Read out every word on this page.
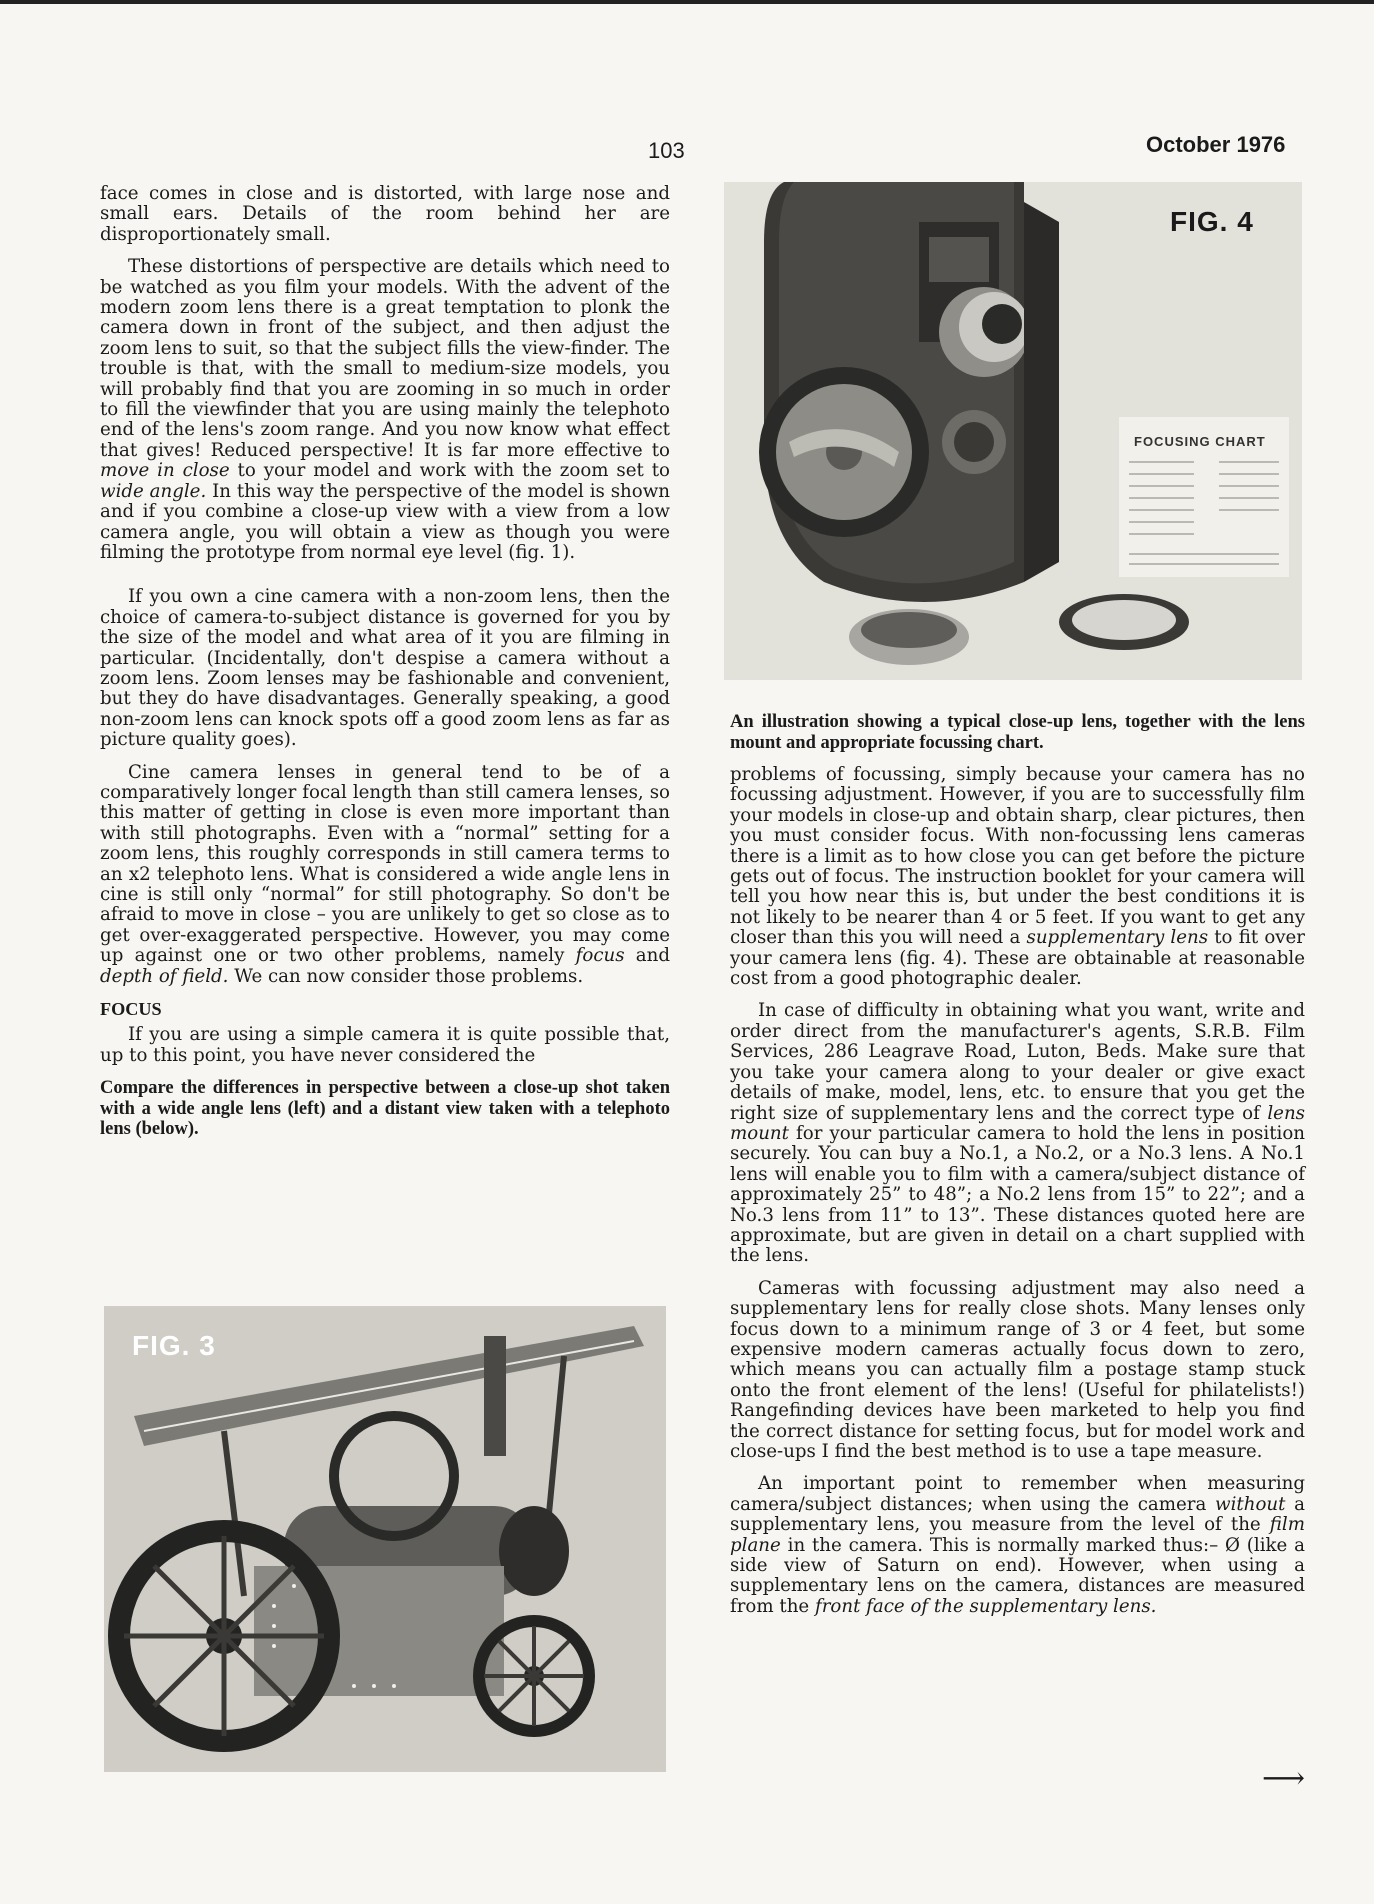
103	October 1976

face comes in close and is distorted, with large nose and small ears. Details of the room behind her are disproportionately small.

These distortions of perspective are details which need to be watched as you film your models. With the advent of the modern zoom lens there is a great temptation to plonk the camera down in front of the subject, and then adjust the zoom lens to suit, so that the subject fills the view-finder. The trouble is that, with the small to medium-size models, you will probably find that you are zooming in so much in order to fill the viewfinder that you are using mainly the telephoto end of the lens's zoom range. And you now know what effect that gives! Reduced perspective! It is far more effective to move in close to your model and work with the zoom set to wide angle. In this way the perspective of the model is shown and if you combine a close-up view with a view from a low camera angle, you will obtain a view as though you were filming the prototype from normal eye level (fig. 1).

If you own a cine camera with a non-zoom lens, then the choice of camera-to-subject distance is governed for you by the size of the model and what area of it you are filming in particular. (Incidentally, don't despise a camera without a zoom lens. Zoom lenses may be fashionable and convenient, but they do have disadvantages. Generally speaking, a good non-zoom lens can knock spots off a good zoom lens as far as picture quality goes).

Cine camera lenses in general tend to be of a comparatively longer focal length than still camera lenses, so this matter of getting in close is even more important than with still photographs. Even with a “normal” setting for a zoom lens, this roughly corresponds in still camera terms to an x2 telephoto lens. What is considered a wide angle lens in cine is still only “normal” for still photography. So don't be afraid to move in close – you are unlikely to get so close as to get over-exaggerated perspective. However, you may come up against one or two other problems, namely focus and depth of field. We can now consider those problems.

FOCUS

If you are using a simple camera it is quite possible that, up to this point, you have never considered the

Compare the differences in perspective between a close-up shot taken with a wide angle lens (left) and a distant view taken with a telephoto lens (below).

FIG. 4
FOCUSING CHART

An illustration showing a typical close-up lens, together with the lens mount and appropriate focussing chart.

problems of focussing, simply because your camera has no focussing adjustment. However, if you are to successfully film your models in close-up and obtain sharp, clear pictures, then you must consider focus. With non-focussing lens cameras there is a limit as to how close you can get before the picture gets out of focus. The instruction booklet for your camera will tell you how near this is, but under the best conditions it is not likely to be nearer than 4 or 5 feet. If you want to get any closer than this you will need a supplementary lens to fit over your camera lens (fig. 4). These are obtainable at reasonable cost from a good photographic dealer.

In case of difficulty in obtaining what you want, write and order direct from the manufacturer's agents, S.R.B. Film Services, 286 Leagrave Road, Luton, Beds. Make sure that you take your camera along to your dealer or give exact details of make, model, lens, etc. to ensure that you get the right size of supplementary lens and the correct type of lens mount for your particular camera to hold the lens in position securely. You can buy a No.1, a No.2, or a No.3 lens. A No.1 lens will enable you to film with a camera/subject distance of approximately 25” to 48”; a No.2 lens from 15” to 22”; and a No.3 lens from 11” to 13”. These distances quoted here are approximate, but are given in detail on a chart supplied with the lens.

Cameras with focussing adjustment may also need a supplementary lens for really close shots. Many lenses only focus down to a minimum range of 3 or 4 feet, but some expensive modern cameras actually focus down to zero, which means you can actually film a postage stamp stuck onto the front element of the lens! (Useful for philatelists!) Rangefinding devices have been marketed to help you find the correct distance for setting focus, but for model work and close-ups I find the best method is to use a tape measure.

An important point to remember when measuring camera/subject distances; when using the camera without a supplementary lens, you measure from the level of the film plane in the camera. This is normally marked thus:– Ø (like a side view of Saturn on end). However, when using a supplementary lens on the camera, distances are measured from the front face of the supplementary lens.

FIG. 3
⟶
